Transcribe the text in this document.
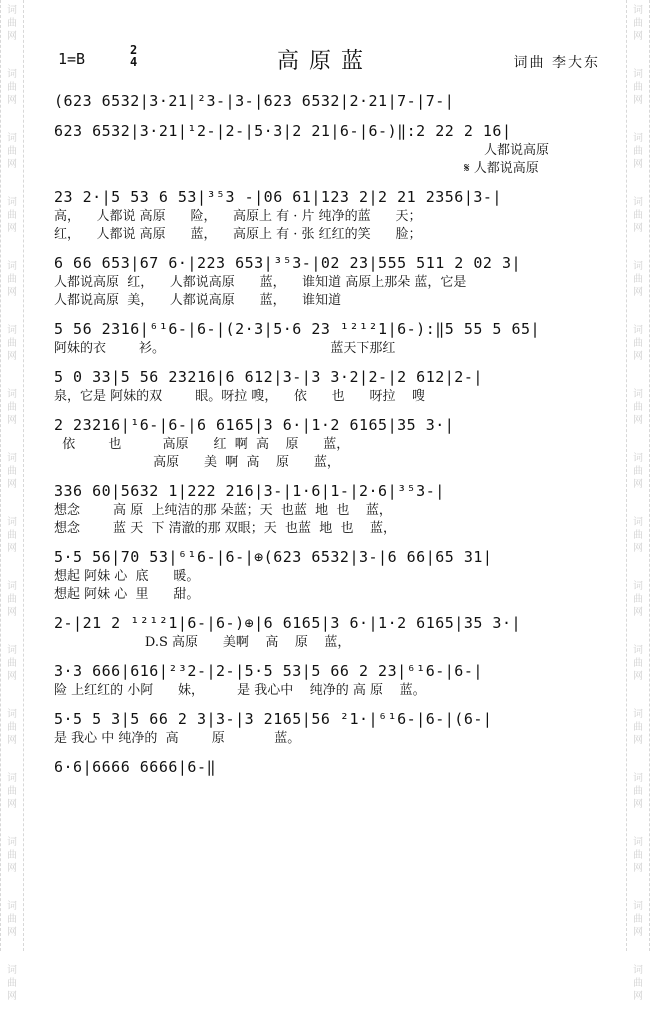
词
曲
网
词
曲
网
词
曲
网
词
曲
网
词
曲
网
词
曲
网
词
曲
网
词
曲
网
词
曲
网
词
曲
网
词
曲
网
词
曲
网
词
曲
网
词
曲
网
词
曲
网
词
曲
网
词
曲
网
词
曲
网
词
曲
网
词
曲
网
词
曲
网
词
曲
网
词
曲
网
词
曲
网
词
曲
网
词
曲
网
词
曲
网
词
曲
网
词
曲
网
词
曲
网
词
曲
网
词
曲
网
1=B	2
4	高原蓝	词曲 李大东
(623 6532|3·21|²3-|3-|623 6532|2·21|7-|7-|
623 6532|3·21|¹2-|2-|5·3|2 21|6-|6-)‖:2 22 2 16|
人都说高原
𝄋 人都说高原
23 2·|5 53 6 53|³⁵3 -|06 61|123 2|2 21 2356|3-|
高，    人都说 高原      险，    高原上 有 · 片 纯净的蓝      天；
红，    人都说 高原      蓝，    高原上 有 · 张 红红的笑      脸；
6 66 653|67 6·|223 653|³⁵3-|02 23|555 511 2 02 3|
人都说高原  红，    人都说高原      蓝，    谁知道 高原上那朵 蓝，它是
人都说高原  美，    人都说高原      蓝，    谁知道
5 56 2316|⁶¹6-|6-|(2·3|5·6 23 ¹²¹²1|6-):‖5 55 5 65|
阿妹的衣        衫。                                        蓝天下那红
5 0 33|5 56 23216|6 612|3-|3 3·2|2-|2 612|2-|
泉，它是 阿妹的双        眼。呀拉 嗖，    依      也      呀拉    嗖
2 23216|¹6-|6-|6 6165|3 6·|1·2 6165|35 3·|
依        也          高原      红  啊  高    原      蓝，
高原      美  啊  高    原      蓝，
336 60|5632 1|222 216|3-|1·6|1-|2·6|³⁵3-|
想念        高 原  上纯洁的那 朵蓝；天  也蓝  地  也    蓝，
想念        蓝 天  下 清澈的那 双眼；天  也蓝  地  也    蓝，
5·5 56|70 53|⁶¹6-|6-|⊕(623 6532|3-|6 66|65 31|
想起 阿妹 心  底      暖。
想起 阿妹 心  里      甜。
2-|21 2 ¹²¹²1|6-|6-)⊕|6 6165|3 6·|1·2 6165|35 3·|
D.S 高原      美啊    高    原    蓝，
3·3 666|616|²³2-|2-|5·5 53|5 66 2 23|⁶¹6-|6-|
险 上红红的 小阿      妹，        是 我心中    纯净的 高 原    蓝。
5·5 5 3|5 66 2 3|3-|3 2165|56 ²1·|⁶¹6-|6-|(6-|
是 我心 中 纯净的  高        原            蓝。
6·6|6666 6666|6-‖
